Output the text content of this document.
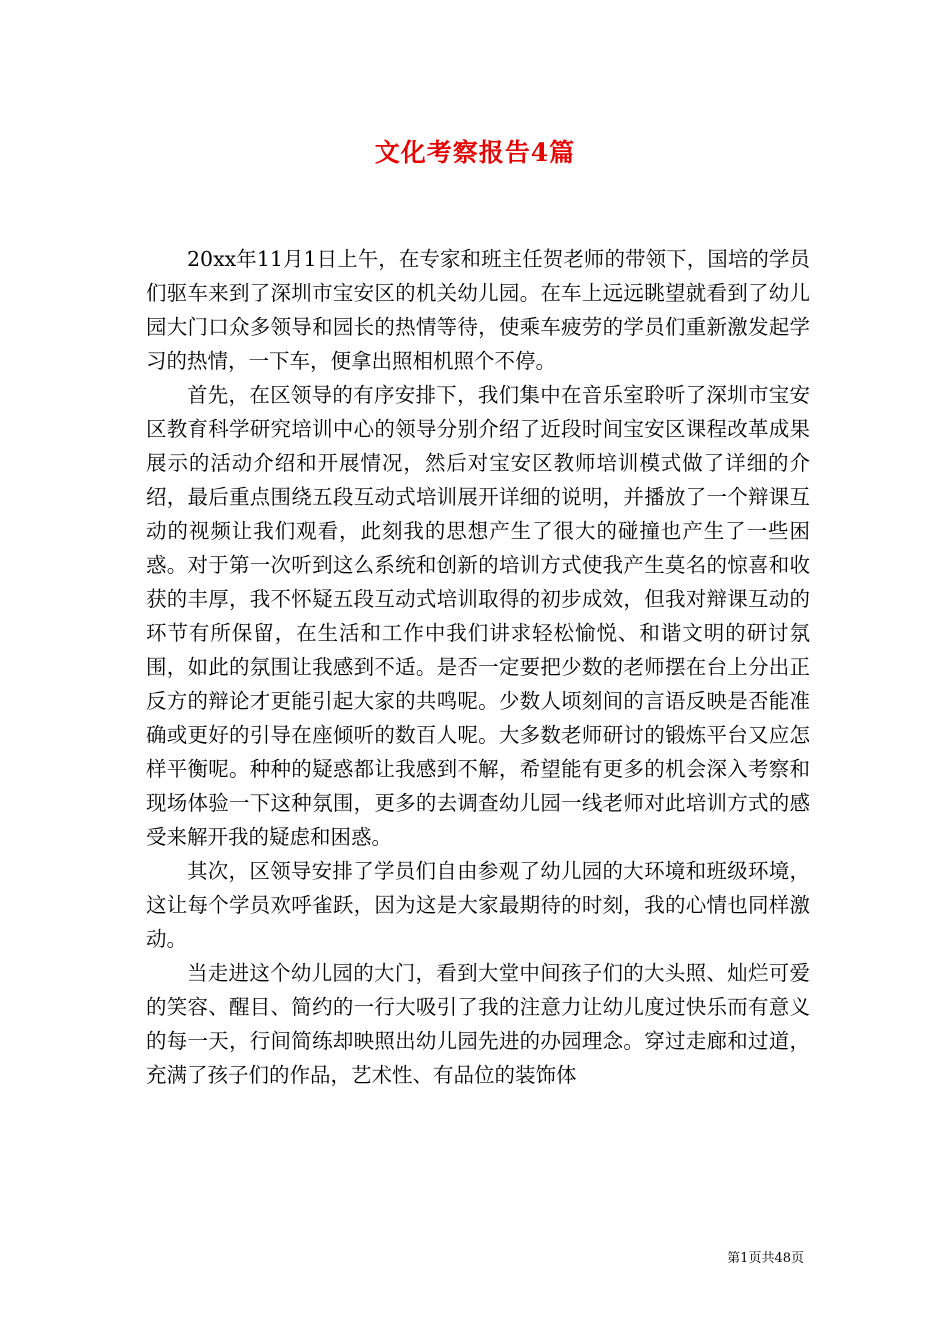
文化考察报告4篇

20xx年11月1日上午，在专家和班主任贺老师的带领下，国培的学员们驱车来到了深圳市宝安区的机关幼儿园。在车上远远眺望就看到了幼儿园大门口众多领导和园长的热情等待，使乘车疲劳的学员们重新激发起学习的热情，一下车，便拿出照相机照个不停。

首先，在区领导的有序安排下，我们集中在音乐室聆听了深圳市宝安区教育科学研究培训中心的领导分别介绍了近段时间宝安区课程改革成果展示的活动介绍和开展情况，然后对宝安区教师培训模式做了详细的介绍，最后重点围绕五段互动式培训展开详细的说明，并播放了一个辩课互动的视频让我们观看，此刻我的思想产生了很大的碰撞也产生了一些困惑。对于第一次听到这么系统和创新的培训方式使我产生莫名的惊喜和收获的丰厚，我不怀疑五段互动式培训取得的初步成效，但我对辩课互动的环节有所保留，在生活和工作中我们讲求轻松愉悦、和谐文明的研讨氛围，如此的氛围让我感到不适。是否一定要把少数的老师摆在台上分出正反方的辩论才更能引起大家的共鸣呢。少数人顷刻间的言语反映是否能准确或更好的引导在座倾听的数百人呢。大多数老师研讨的锻炼平台又应怎样平衡呢。种种的疑惑都让我感到不解，希望能有更多的机会深入考察和现场体验一下这种氛围，更多的去调查幼儿园一线老师对此培训方式的感受来解开我的疑虑和困惑。

其次，区领导安排了学员们自由参观了幼儿园的大环境和班级环境，这让每个学员欢呼雀跃，因为这是大家最期待的时刻，我的心情也同样激动。

当走进这个幼儿园的大门，看到大堂中间孩子们的大头照、灿烂可爱的笑容、醒目、简约的一行大吸引了我的注意力让幼儿度过快乐而有意义的每一天，行间简练却映照出幼儿园先进的办园理念。穿过走廊和过道，充满了孩子们的作品，艺术性、有品位的装饰体

第1页共48页
